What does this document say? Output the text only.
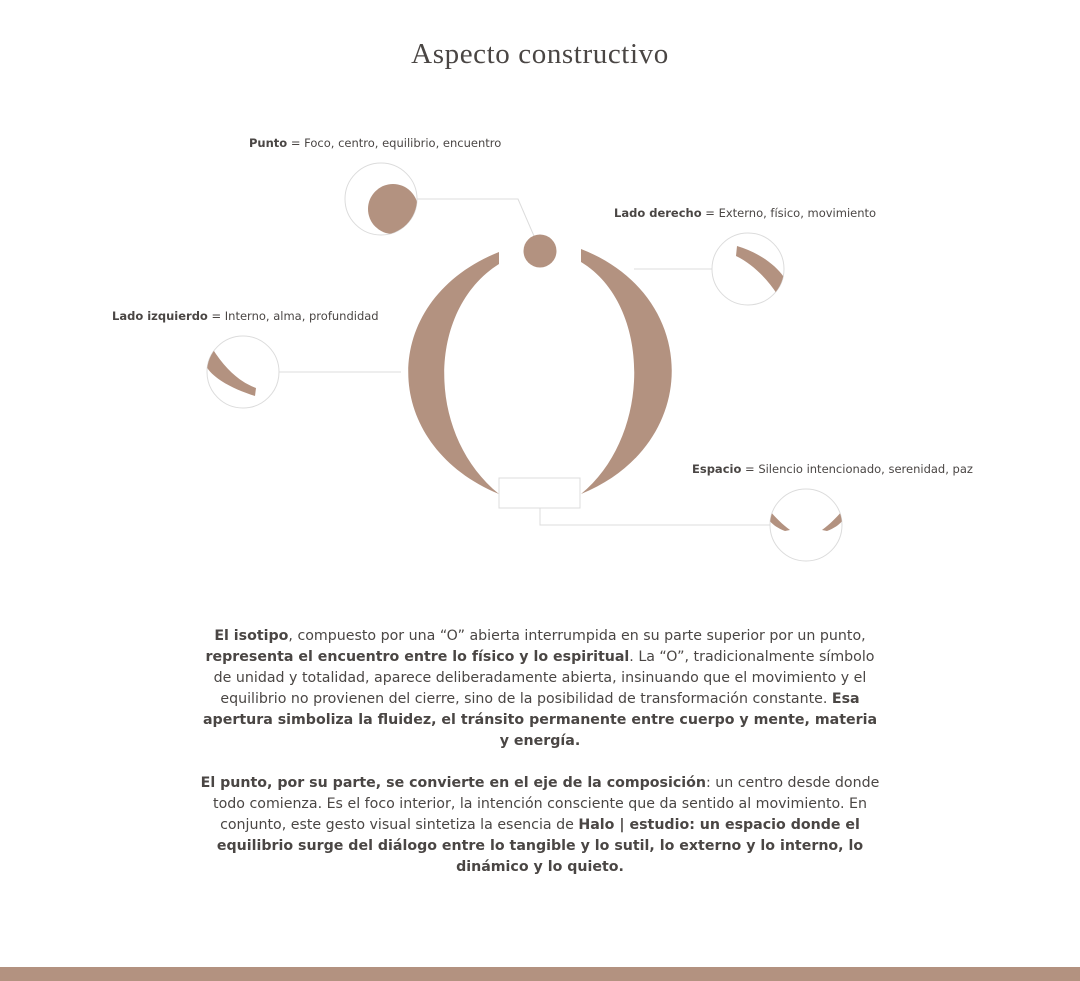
Aspecto constructivo
Punto = Foco, centro, equilibrio, encuentro
Lado derecho = Externo, físico, movimiento
Lado izquierdo = Interno, alma, profundidad
Espacio = Silencio intencionado, serenidad, paz

El isotipo, compuesto por una “O” abierta interrumpida en su parte superior por un punto, representa el encuentro entre lo físico y lo espiritual. La “O”, tradicionalmente símbolo de unidad y totalidad, aparece deliberadamente abierta, insinuando que el movimiento y el equilibrio no provienen del cierre, sino de la posibilidad de transformación constante. Esa apertura simboliza la fluidez, el tránsito permanente entre cuerpo y mente, materia y energía.

El punto, por su parte, se convierte en el eje de la composición: un centro desde donde todo comienza. Es el foco interior, la intención consciente que da sentido al movimiento. En conjunto, este gesto visual sintetiza la esencia de Halo | estudio: un espacio donde el equilibrio surge del diálogo entre lo tangible y lo sutil, lo externo y lo interno, lo dinámico y lo quieto.
